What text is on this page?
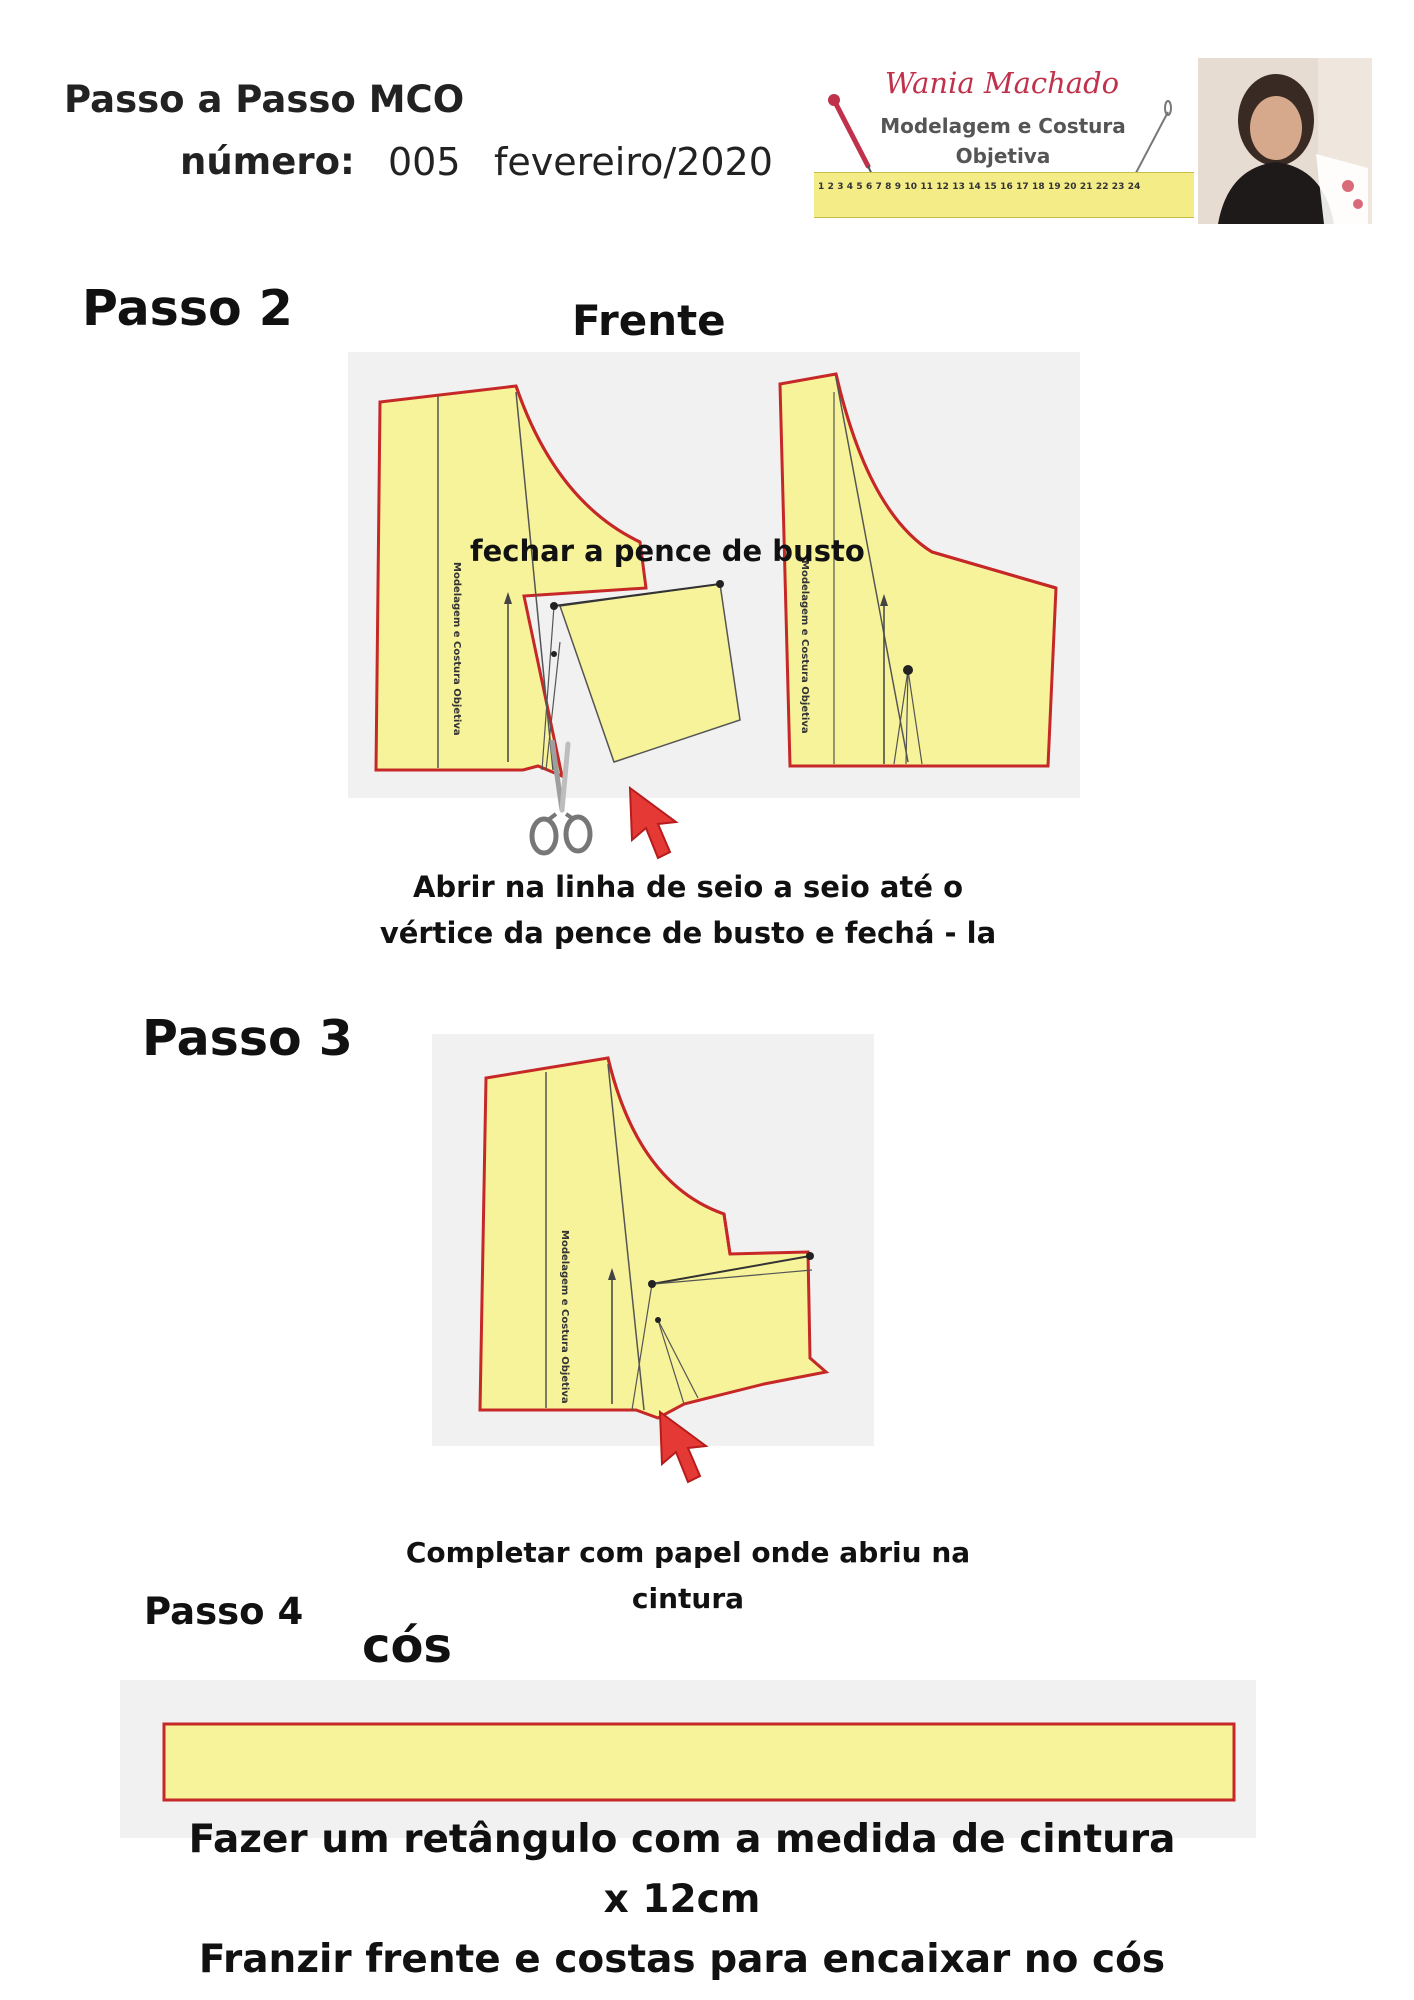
Passo a Passo MCO
número: 005 fevereiro/2020
Wania Machado
Modelagem e Costura
Objetiva
1 2 3 4 5 6 7 8 9 10 11 12 13 14 15 16 17 18 19 20 21 22 23 24
Passo 2	Frente
Modelagem e Costura Objetiva	Modelagem e Costura Objetiva
fechar a pence de busto
Abrir na linha de seio a seio até o
vértice da pence de busto e fechá - la
Passo 3
Modelagem e Costura Objetiva
Completar com papel onde abriu na
cintura
Passo 4
cós
Fazer um retângulo com a medida de cintura
x 12cm
Franzir frente e costas para encaixar no cós
